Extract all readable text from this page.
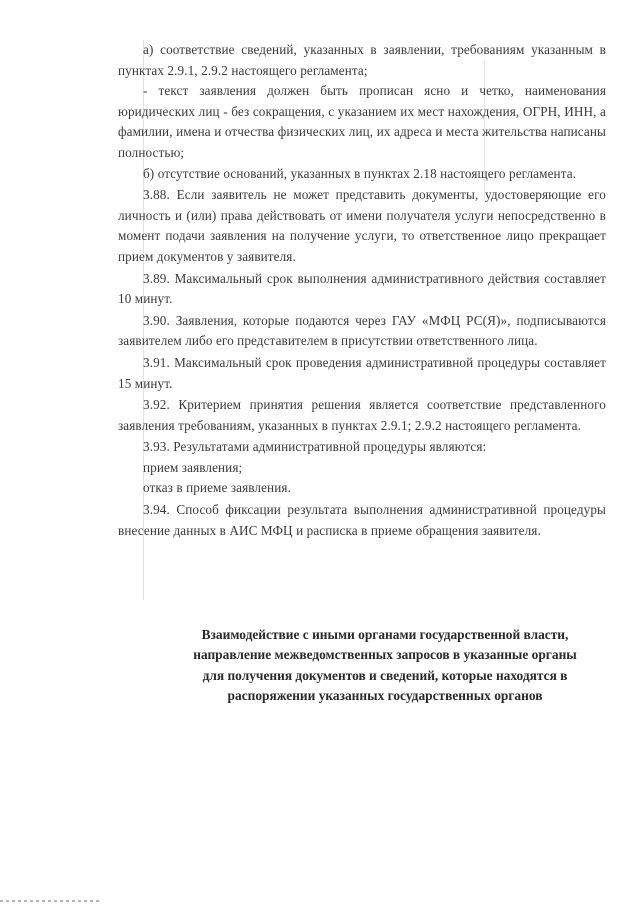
а) соответствие сведений, указанных в заявлении, требованиям указанным в пунктах 2.9.1, 2.9.2 настоящего регламента;

- текст заявления должен быть прописан ясно и четко, наименования юридических лиц - без сокращения, с указанием их мест нахождения, ОГРН, ИНН, а фамилии, имена и отчества физических лиц, их адреса и места жительства написаны полностью;

б) отсутствие оснований, указанных в пунктах 2.18 настоящего регламента.

3.88. Если заявитель не может представить документы, удостоверяющие его личность и (или) права действовать от имени получателя услуги непосредственно в момент подачи заявления на получение услуги, то ответственное лицо прекращает прием документов у заявителя.

3.89. Максимальный срок выполнения административного действия составляет 10 минут.

3.90. Заявления, которые подаются через ГАУ «МФЦ РС(Я)», подписываются заявителем либо его представителем в присутствии ответственного лица.

3.91. Максимальный срок проведения административной процедуры составляет 15 минут.

3.92. Критерием принятия решения является соответствие представленного заявления требованиям, указанных в пунктах 2.9.1; 2.9.2 настоящего регламента.

3.93. Результатами административной процедуры являются:

прием заявления;

отказ в приеме заявления.

3.94. Способ фиксации результата выполнения административной процедуры внесение данных в АИС МФЦ и расписка в приеме обращения заявителя.

Взаимодействие с иными органами государственной власти,
направление межведомственных запросов в указанные органы
для получения документов и сведений, которые находятся в
распоряжении указанных государственных органов
